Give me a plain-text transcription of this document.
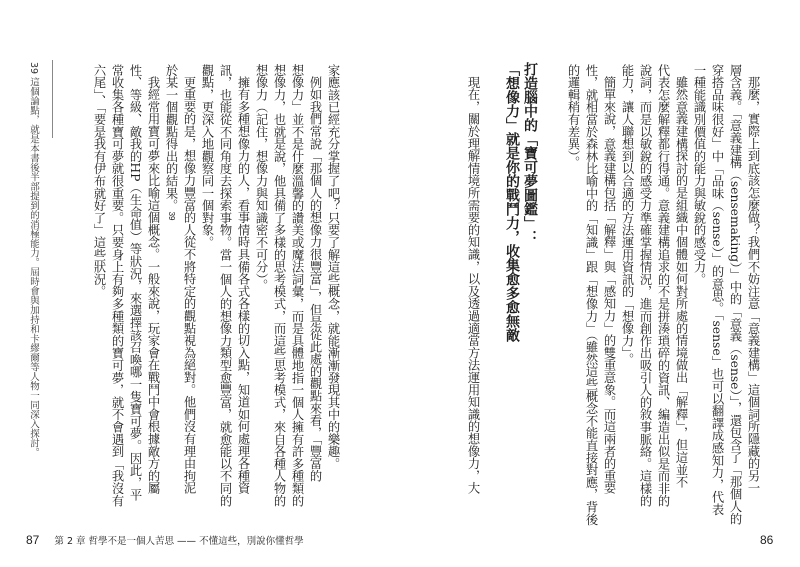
那麼，實際上到底該怎麼做？我們不妨注意「意義建構」這個詞所隱藏的另一
層含義。「意義建構（sensemaking）」中的「意義（sense）」，還包含了「那個人的
穿搭品味很好」中「品味（sense）」的意思。「sense」也可以翻譯成感知力，代表
一種能識別價值的能力與敏銳的感受力。
雖然意義建構探討的是組織中個體如何對所處的情境做出「解釋」，但這並不
代表怎麼解釋都行得通。意義建構追求的不是拼湊瑣碎的資訊、編造出似是而非的
說詞，而是以敏銳的感受力準確掌握情況，進而創作出吸引人的敘事脈絡。這樣的
能力，讓人聯想到以合適的方法運用資訊的「想像力」。
簡單來說，意義建構包括「解釋」與「感知力」的雙重意象。而這兩者的重要
性，就相當於森林比喻中的「知識」跟「想像力」（雖然這些概念不能直接對應，背後
的邏輯稍有差異）。
打造腦中的「寶可夢圖鑑」：
「想像力」就是你的戰鬥力，收集愈多愈無敵
現在，關於理解情境所需要的知識，以及透過適當方法運用知識的想像力，大
家應該已經充分掌握了吧？只要了解這些概念，就能漸漸發現其中的樂趣。
例如我們常說「那個人的想像力很豐富」，但是從此處的觀點來看，「豐富的
想像力」並不是什麼溫馨的讚美或魔法詞彙，而是具體地指一個人擁有許多種類的
想像力，也就是說，他具備了多樣的思考模式，而這些思考模式，來自各種人物的
想像力（記住，想像力與知識密不可分）。
擁有多種想像力的人，看事情時具備各式各樣的切入點，知道如何處理各種資
訊，也能從不同角度去探索事物。當一個人的想像力類型愈豐富，就愈能以不同的
觀點，更深入地觀察同一個對象。
更重要的是，想像力豐富的人從不將特定的觀點視為絕對。他們沒有理由拘泥
於某一個觀點得出的結果。39
我經常用寶可夢來比喻這個概念。一般來說，玩家會在戰鬥中會根據敵方的屬
性、等級、敵我的HP（生命值）等狀況，來選擇該召喚哪一隻寶可夢。因此，平
常收集各種寶可夢就很重要。只要身上有夠多種類的寶可夢，就不會遇到「我沒有
六尾」、「要是我有伊布就好了」這些狀況。
39 這個論點，就是本書後半部提到的消極能力。屆時會與加持和卡繆爾等人物一同深入探討。
87 第 2 章 哲學不是一個人苦思 —— 不懂這些，別說你懂哲學	86
